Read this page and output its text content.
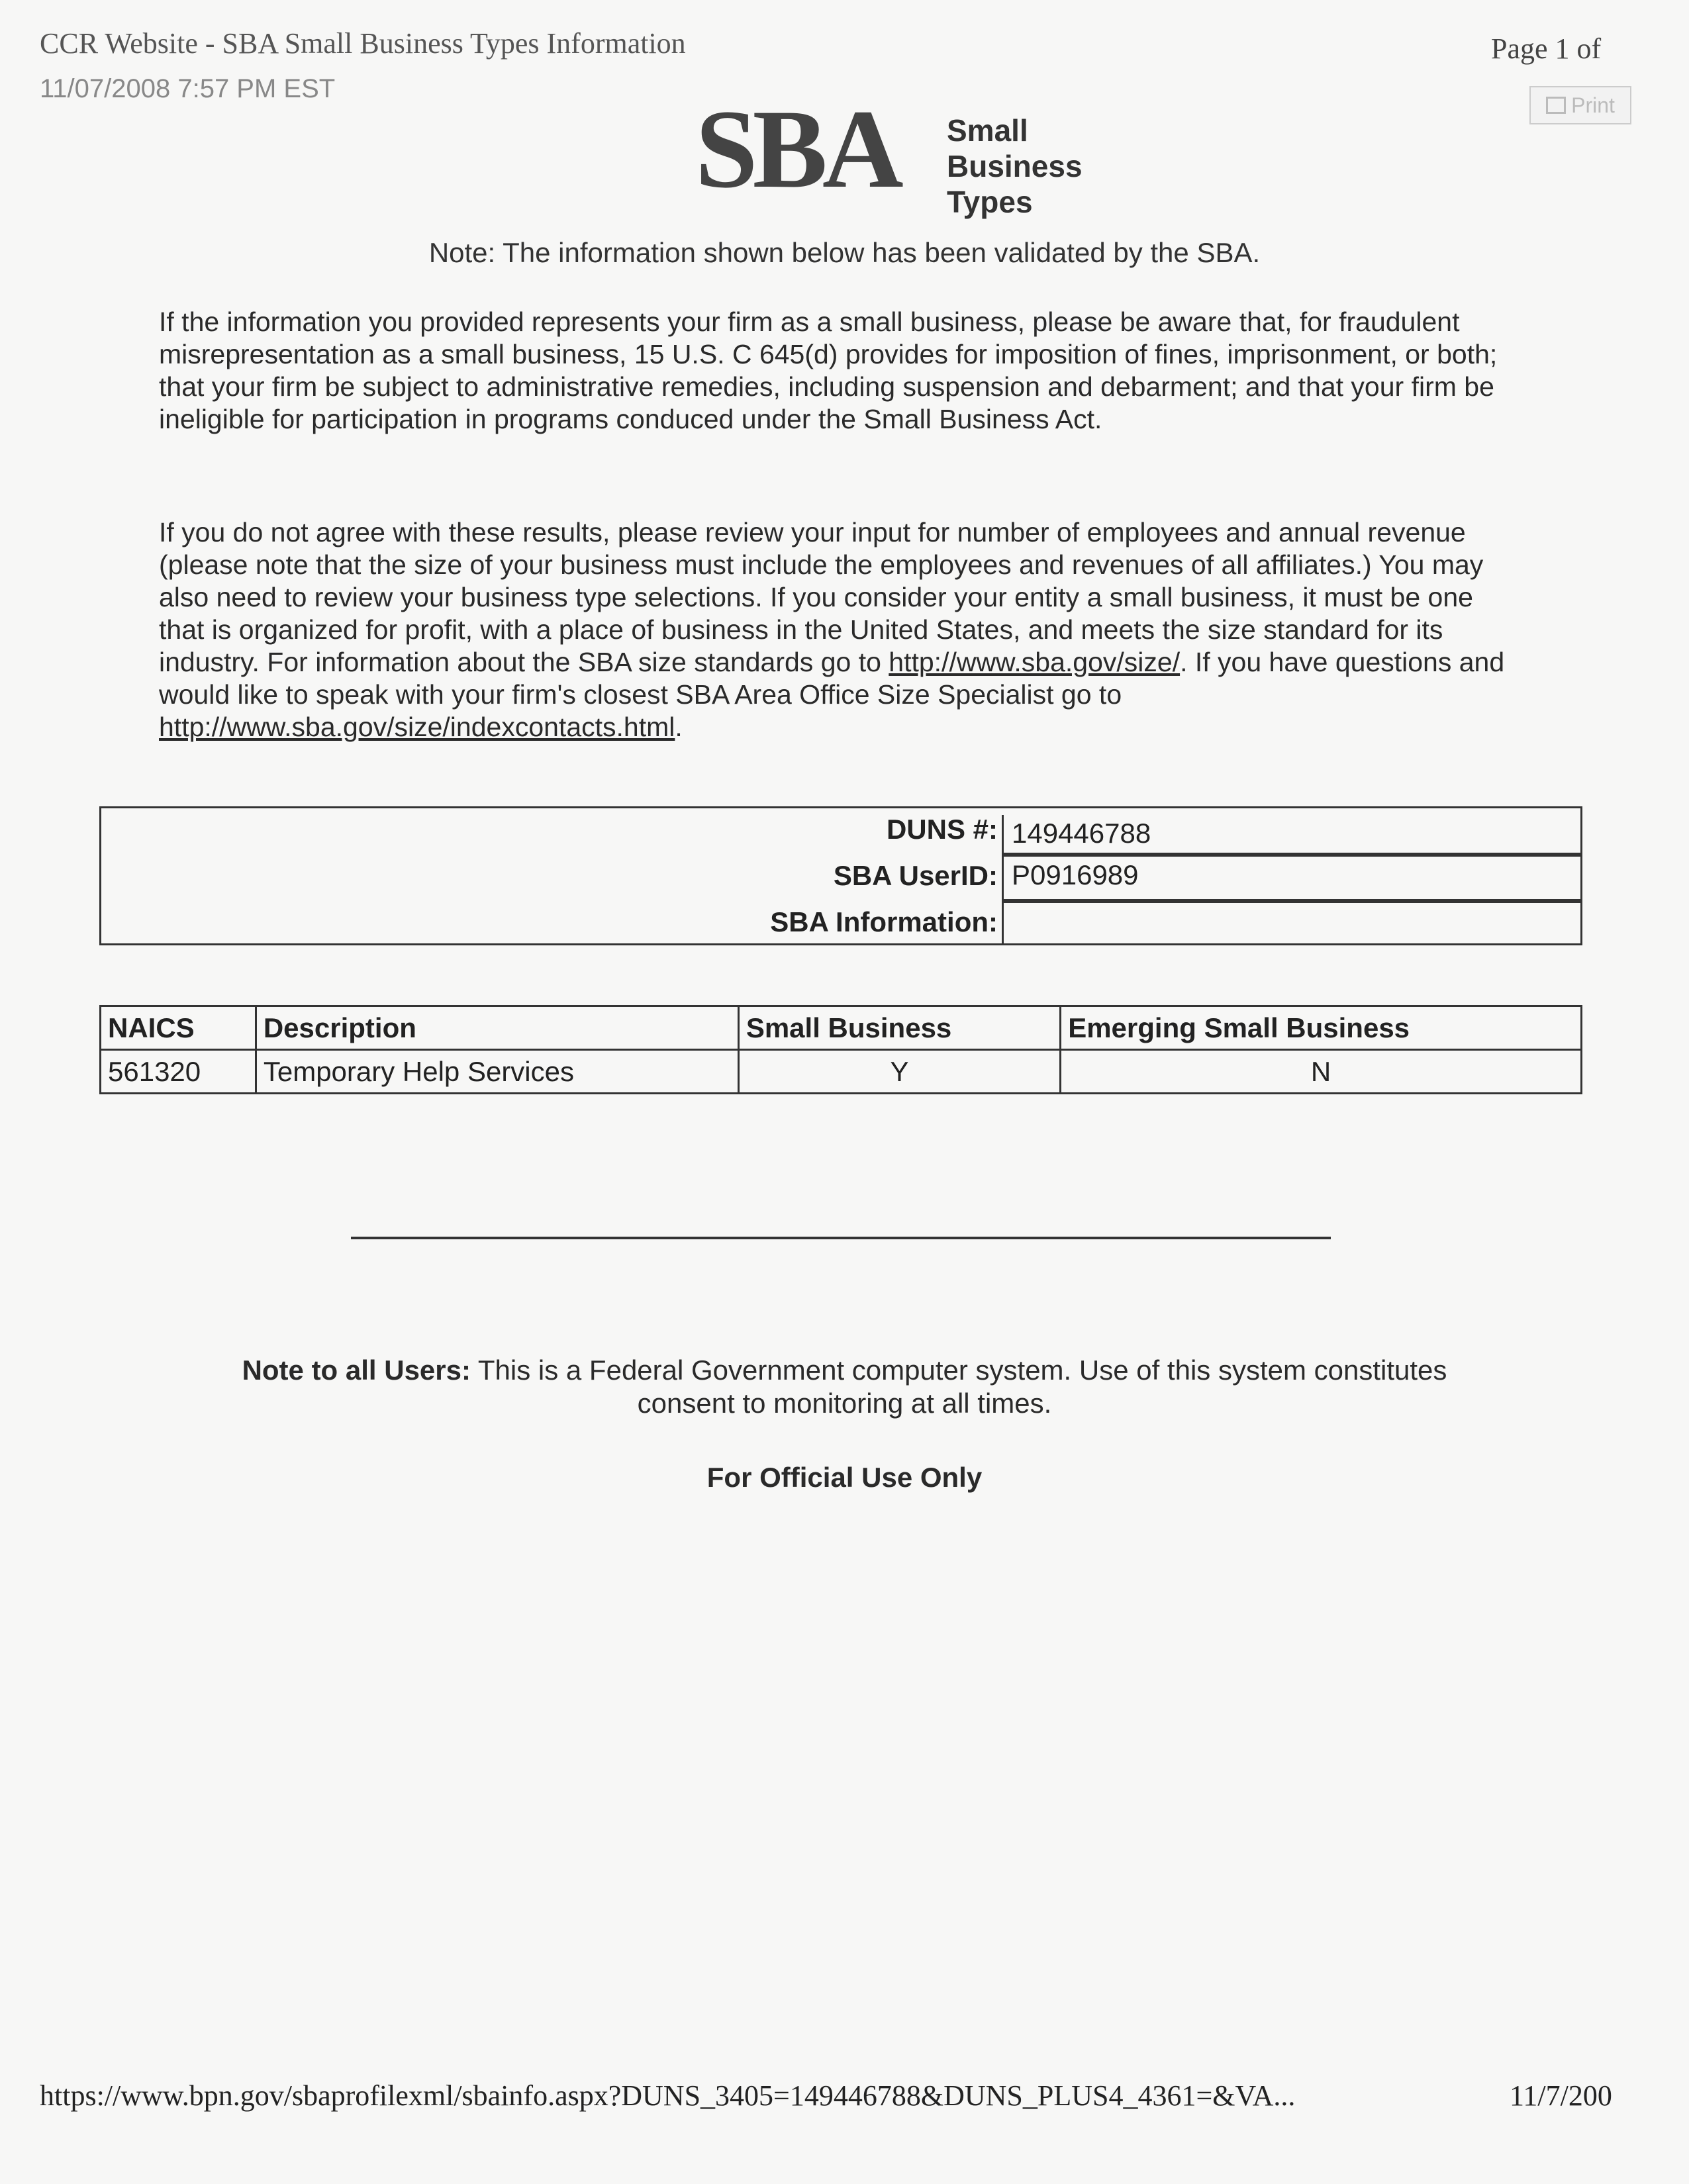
CCR Website - SBA Small Business Types Information
11/07/2008 7:57 PM EST
Page 1 of
Print
SBA Small Business
Types
Note: The information shown below has been validated by the SBA.
If the information you provided represents your firm as a small business, please be aware that, for fraudulent misrepresentation as a small business, 15 U.S. C 645(d) provides for imposition of fines, imprisonment, or both; that your firm be subject to administrative remedies, including suspension and debarment; and that your firm be ineligible for participation in programs conduced under the Small Business Act.
If you do not agree with these results, please review your input for number of employees and annual revenue (please note that the size of your business must include the employees and revenues of all affiliates.) You may also need to review your business type selections. If you consider your entity a small business, it must be one that is organized for profit, with a place of business in the United States, and meets the size standard for its industry. For information about the SBA size standards go to http://www.sba.gov/size/. If you have questions and would like to speak with your firm's closest SBA Area Office Size Specialist go to http://www.sba.gov/size/indexcontacts.html.
DUNS #: 149446788
SBA UserID: P0916989
SBA Information:
NAICS	Description	Small Business	Emerging Small Business
561320	Temporary Help Services	Y	N
Note to all Users: This is a Federal Government computer system. Use of this system constitutes
consent to monitoring at all times.
For Official Use Only
https://www.bpn.gov/sbaprofilexml/sbainfo.aspx?DUNS_3405=149446788&DUNS_PLUS4_4361=&VA...	11/7/200
